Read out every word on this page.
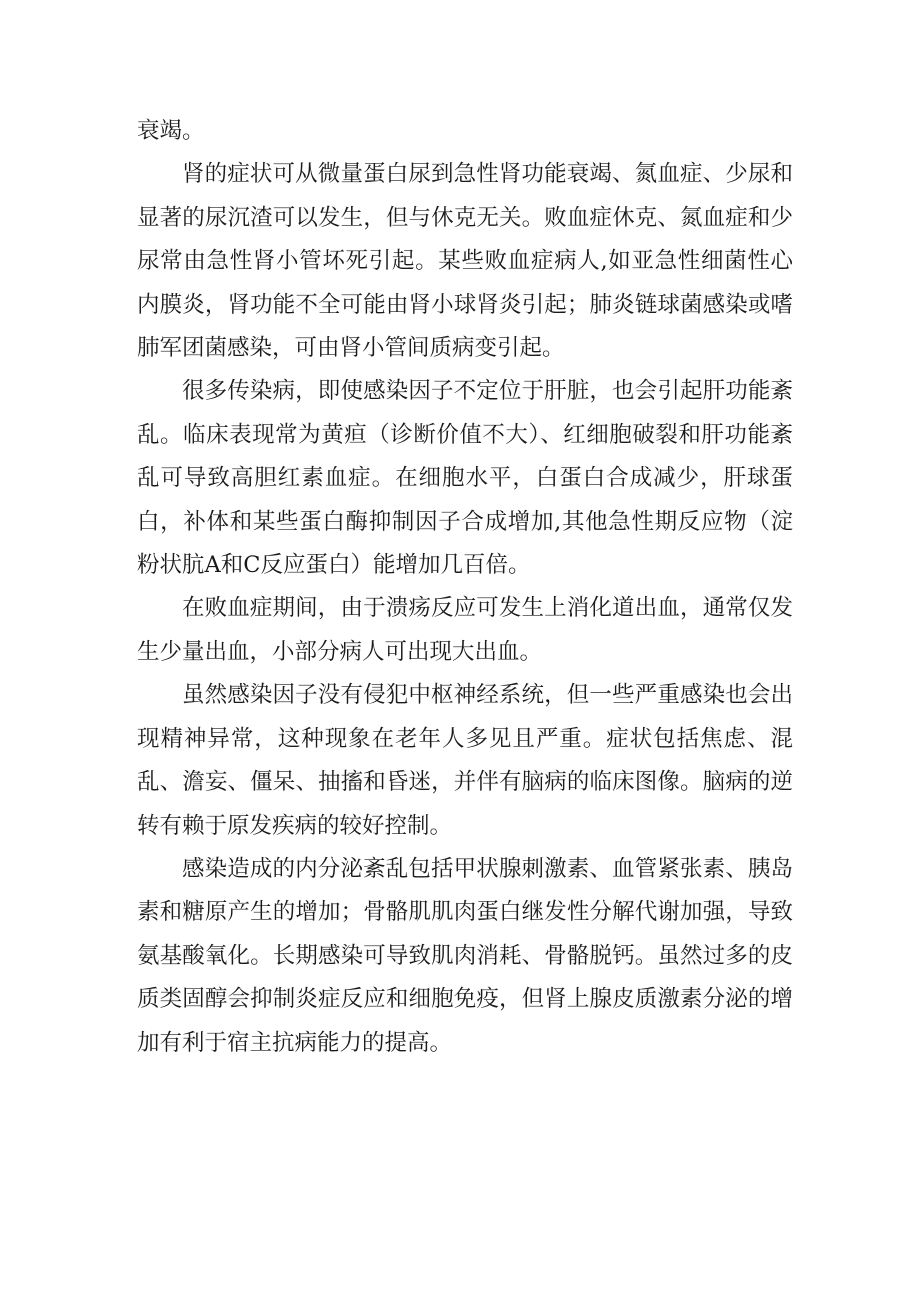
衰竭。

肾的症状可从微量蛋白尿到急性肾功能衰竭、氮血症、少尿和显著的尿沉渣可以发生，但与休克无关。败血症休克、氮血症和少尿常由急性肾小管坏死引起。某些败血症病人,如亚急性细菌性心内膜炎，肾功能不全可能由肾小球肾炎引起；肺炎链球菌感染或嗜肺军团菌感染，可由肾小管间质病变引起。

很多传染病，即使感染因子不定位于肝脏，也会引起肝功能紊乱。临床表现常为黄疸（诊断价值不大）、红细胞破裂和肝功能紊乱可导致高胆红素血症。在细胞水平，白蛋白合成减少，肝球蛋白，补体和某些蛋白酶抑制因子合成增加,其他急性期反应物（淀粉状肮A和C反应蛋白）能增加几百倍。

在败血症期间，由于溃疡反应可发生上消化道出血，通常仅发生少量出血，小部分病人可出现大出血。

虽然感染因子没有侵犯中枢神经系统，但一些严重感染也会出现精神异常，这种现象在老年人多见且严重。症状包括焦虑、混乱、澹妄、僵呆、抽搐和昏迷，并伴有脑病的临床图像。脑病的逆转有赖于原发疾病的较好控制。

感染造成的内分泌紊乱包括甲状腺刺激素、血管紧张素、胰岛素和糖原产生的增加；骨骼肌肌肉蛋白继发性分解代谢加强，导致氨基酸氧化。长期感染可导致肌肉消耗、骨骼脱钙。虽然过多的皮质类固醇会抑制炎症反应和细胞免疫，但肾上腺皮质激素分泌的增加有利于宿主抗病能力的提高。
